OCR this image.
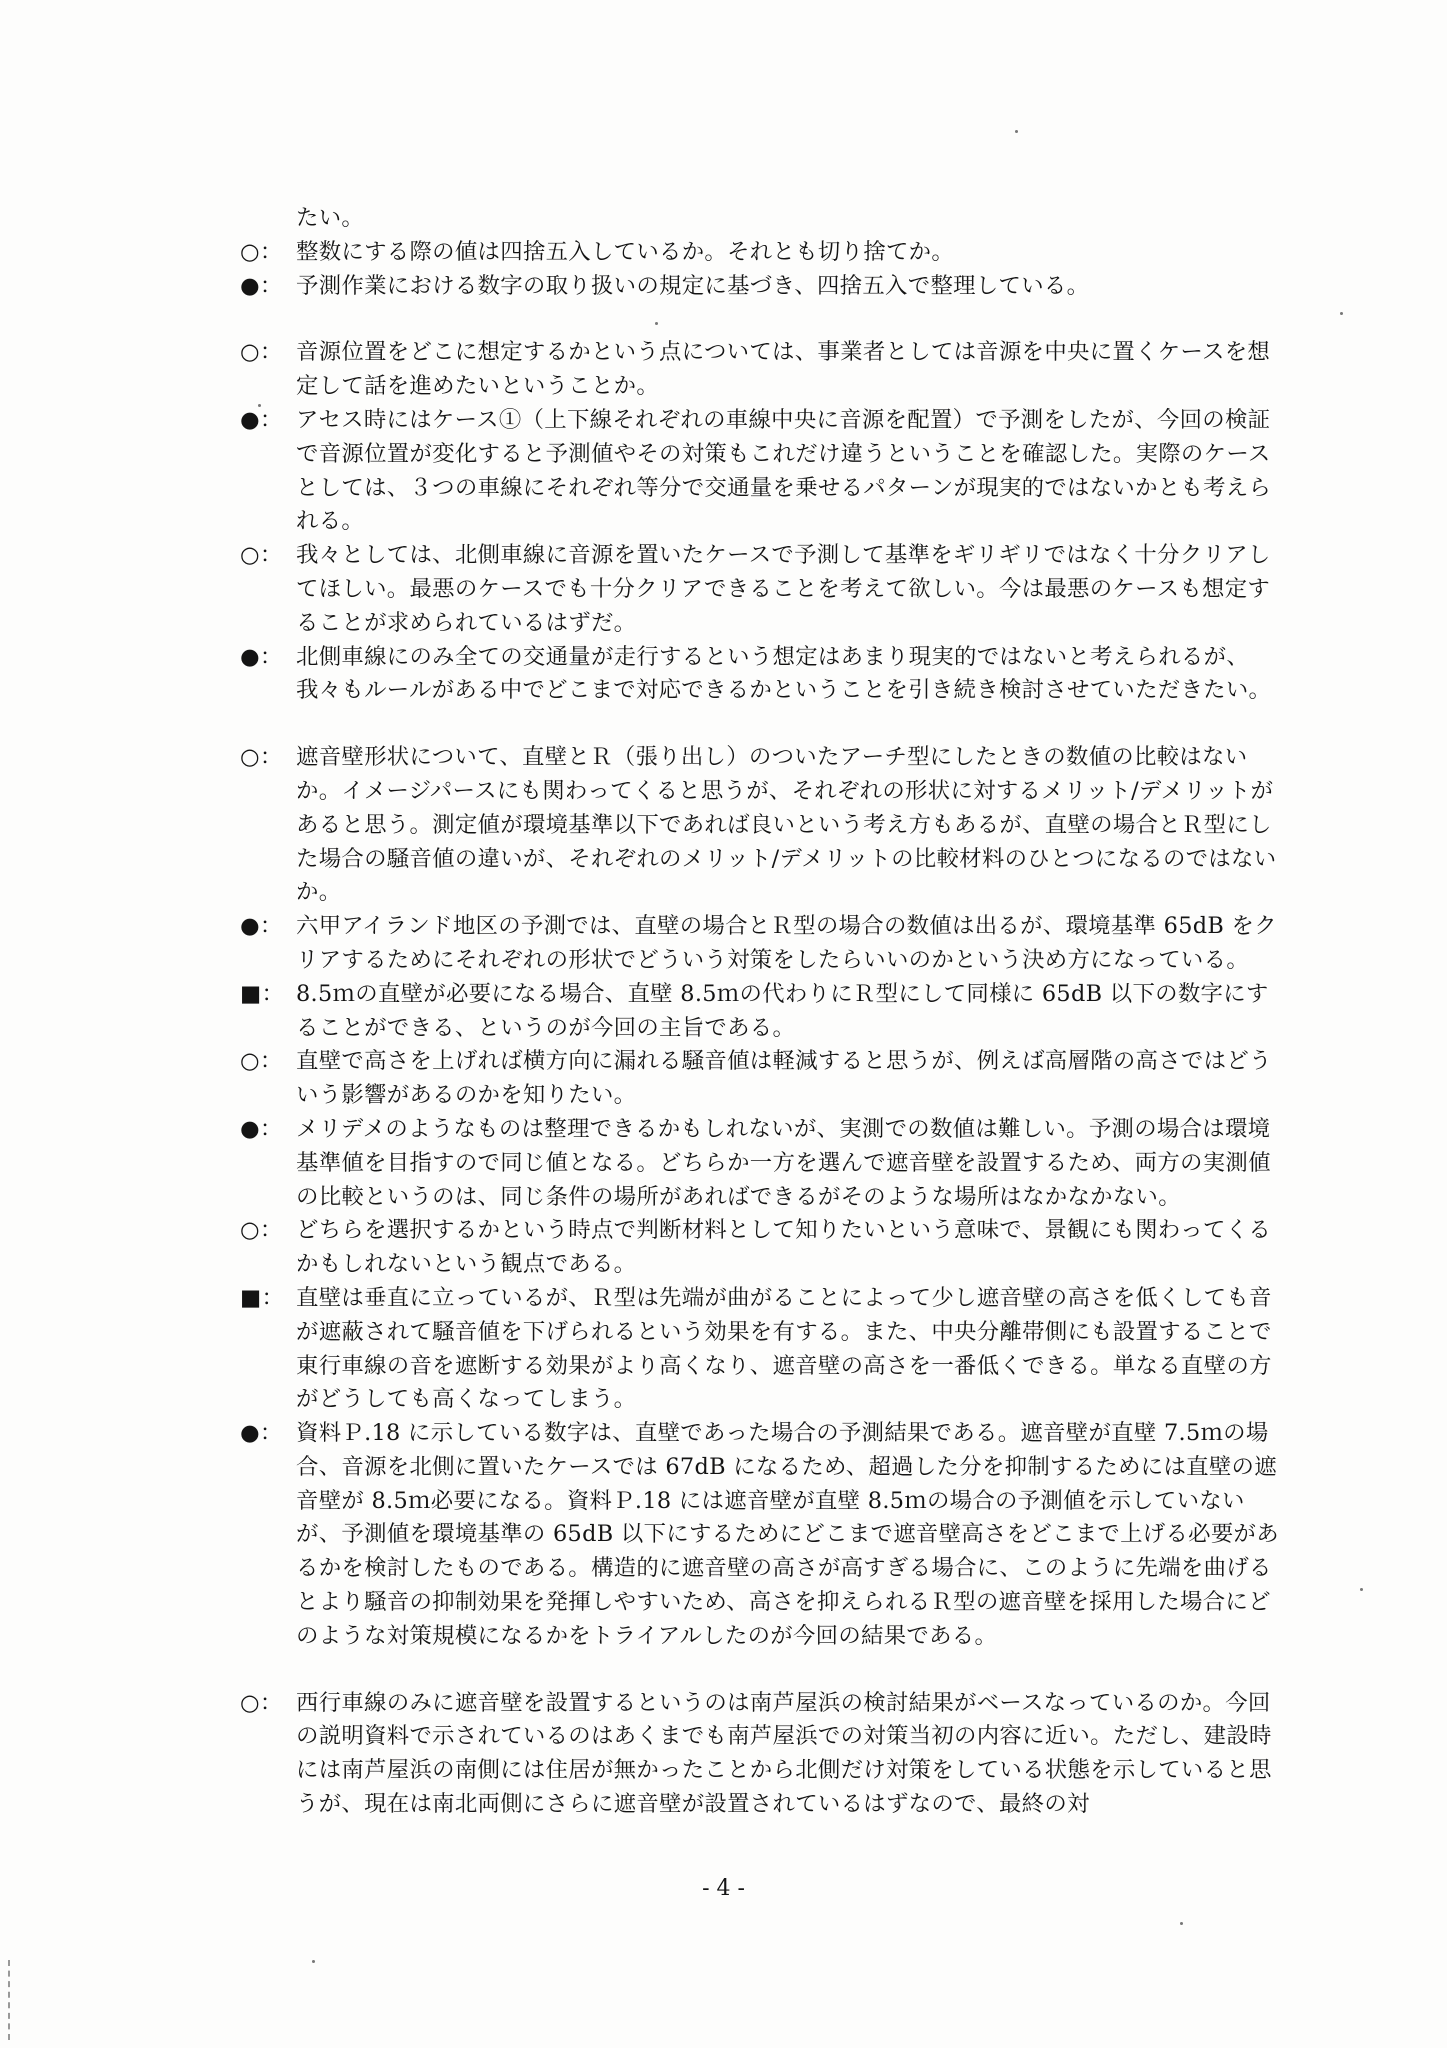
たい。
○： 整数にする際の値は四捨五入しているか。それとも切り捨てか。
●： 予測作業における数字の取り扱いの規定に基づき、四捨五入で整理している。
○： 音源位置をどこに想定するかという点については、事業者としては音源を中央に置くケースを想定して話を進めたいということか。
●： アセス時にはケース①（上下線それぞれの車線中央に音源を配置）で予測をしたが、今回の検証で音源位置が変化すると予測値やその対策もこれだけ違うということを確認した。実際のケースとしては、３つの車線にそれぞれ等分で交通量を乗せるパターンが現実的ではないかとも考えられる。
○： 我々としては、北側車線に音源を置いたケースで予測して基準をギリギリではなく十分クリアしてほしい。最悪のケースでも十分クリアできることを考えて欲しい。今は最悪のケースも想定することが求められているはずだ。
●： 北側車線にのみ全ての交通量が走行するという想定はあまり現実的ではないと考えられるが、我々もルールがある中でどこまで対応できるかということを引き続き検討させていただきたい。
○： 遮音壁形状について、直壁とＲ（張り出し）のついたアーチ型にしたときの数値の比較はないか。イメージパースにも関わってくると思うが、それぞれの形状に対するメリット/デメリットがあると思う。測定値が環境基準以下であれば良いという考え方もあるが、直壁の場合とＲ型にした場合の騒音値の違いが、それぞれのメリット/デメリットの比較材料のひとつになるのではないか。
●： 六甲アイランド地区の予測では、直壁の場合とＲ型の場合の数値は出るが、環境基準 65dB をクリアするためにそれぞれの形状でどういう対策をしたらいいのかという決め方になっている。
■： 8.5ｍの直壁が必要になる場合、直壁 8.5ｍの代わりにＲ型にして同様に 65dB 以下の数字にすることができる、というのが今回の主旨である。
○： 直壁で高さを上げれば横方向に漏れる騒音値は軽減すると思うが、例えば高層階の高さではどういう影響があるのかを知りたい。
●： メリデメのようなものは整理できるかもしれないが、実測での数値は難しい。予測の場合は環境基準値を目指すので同じ値となる。どちらか一方を選んで遮音壁を設置するため、両方の実測値の比較というのは、同じ条件の場所があればできるがそのような場所はなかなかない。
○： どちらを選択するかという時点で判断材料として知りたいという意味で、景観にも関わってくるかもしれないという観点である。
■： 直壁は垂直に立っているが、Ｒ型は先端が曲がることによって少し遮音壁の高さを低くしても音が遮蔽されて騒音値を下げられるという効果を有する。また、中央分離帯側にも設置することで東行車線の音を遮断する効果がより高くなり、遮音壁の高さを一番低くできる。単なる直壁の方がどうしても高くなってしまう。
●： 資料Ｐ.18 に示している数字は、直壁であった場合の予測結果である。遮音壁が直壁 7.5ｍの場合、音源を北側に置いたケースでは 67dB になるため、超過した分を抑制するためには直壁の遮音壁が 8.5ｍ必要になる。資料Ｐ.18 には遮音壁が直壁 8.5ｍの場合の予測値を示していないが、予測値を環境基準の 65dB 以下にするためにどこまで遮音壁高さをどこまで上げる必要があるかを検討したものである。構造的に遮音壁の高さが高すぎる場合に、このように先端を曲げるとより騒音の抑制効果を発揮しやすいため、高さを抑えられるＲ型の遮音壁を採用した場合にどのような対策規模になるかをトライアルしたのが今回の結果である。
○： 西行車線のみに遮音壁を設置するというのは南芦屋浜の検討結果がベースなっているのか。今回の説明資料で示されているのはあくまでも南芦屋浜での対策当初の内容に近い。ただし、建設時には南芦屋浜の南側には住居が無かったことから北側だけ対策をしている状態を示していると思うが、現在は南北両側にさらに遮音壁が設置されているはずなので、最終の対
- 4 -
